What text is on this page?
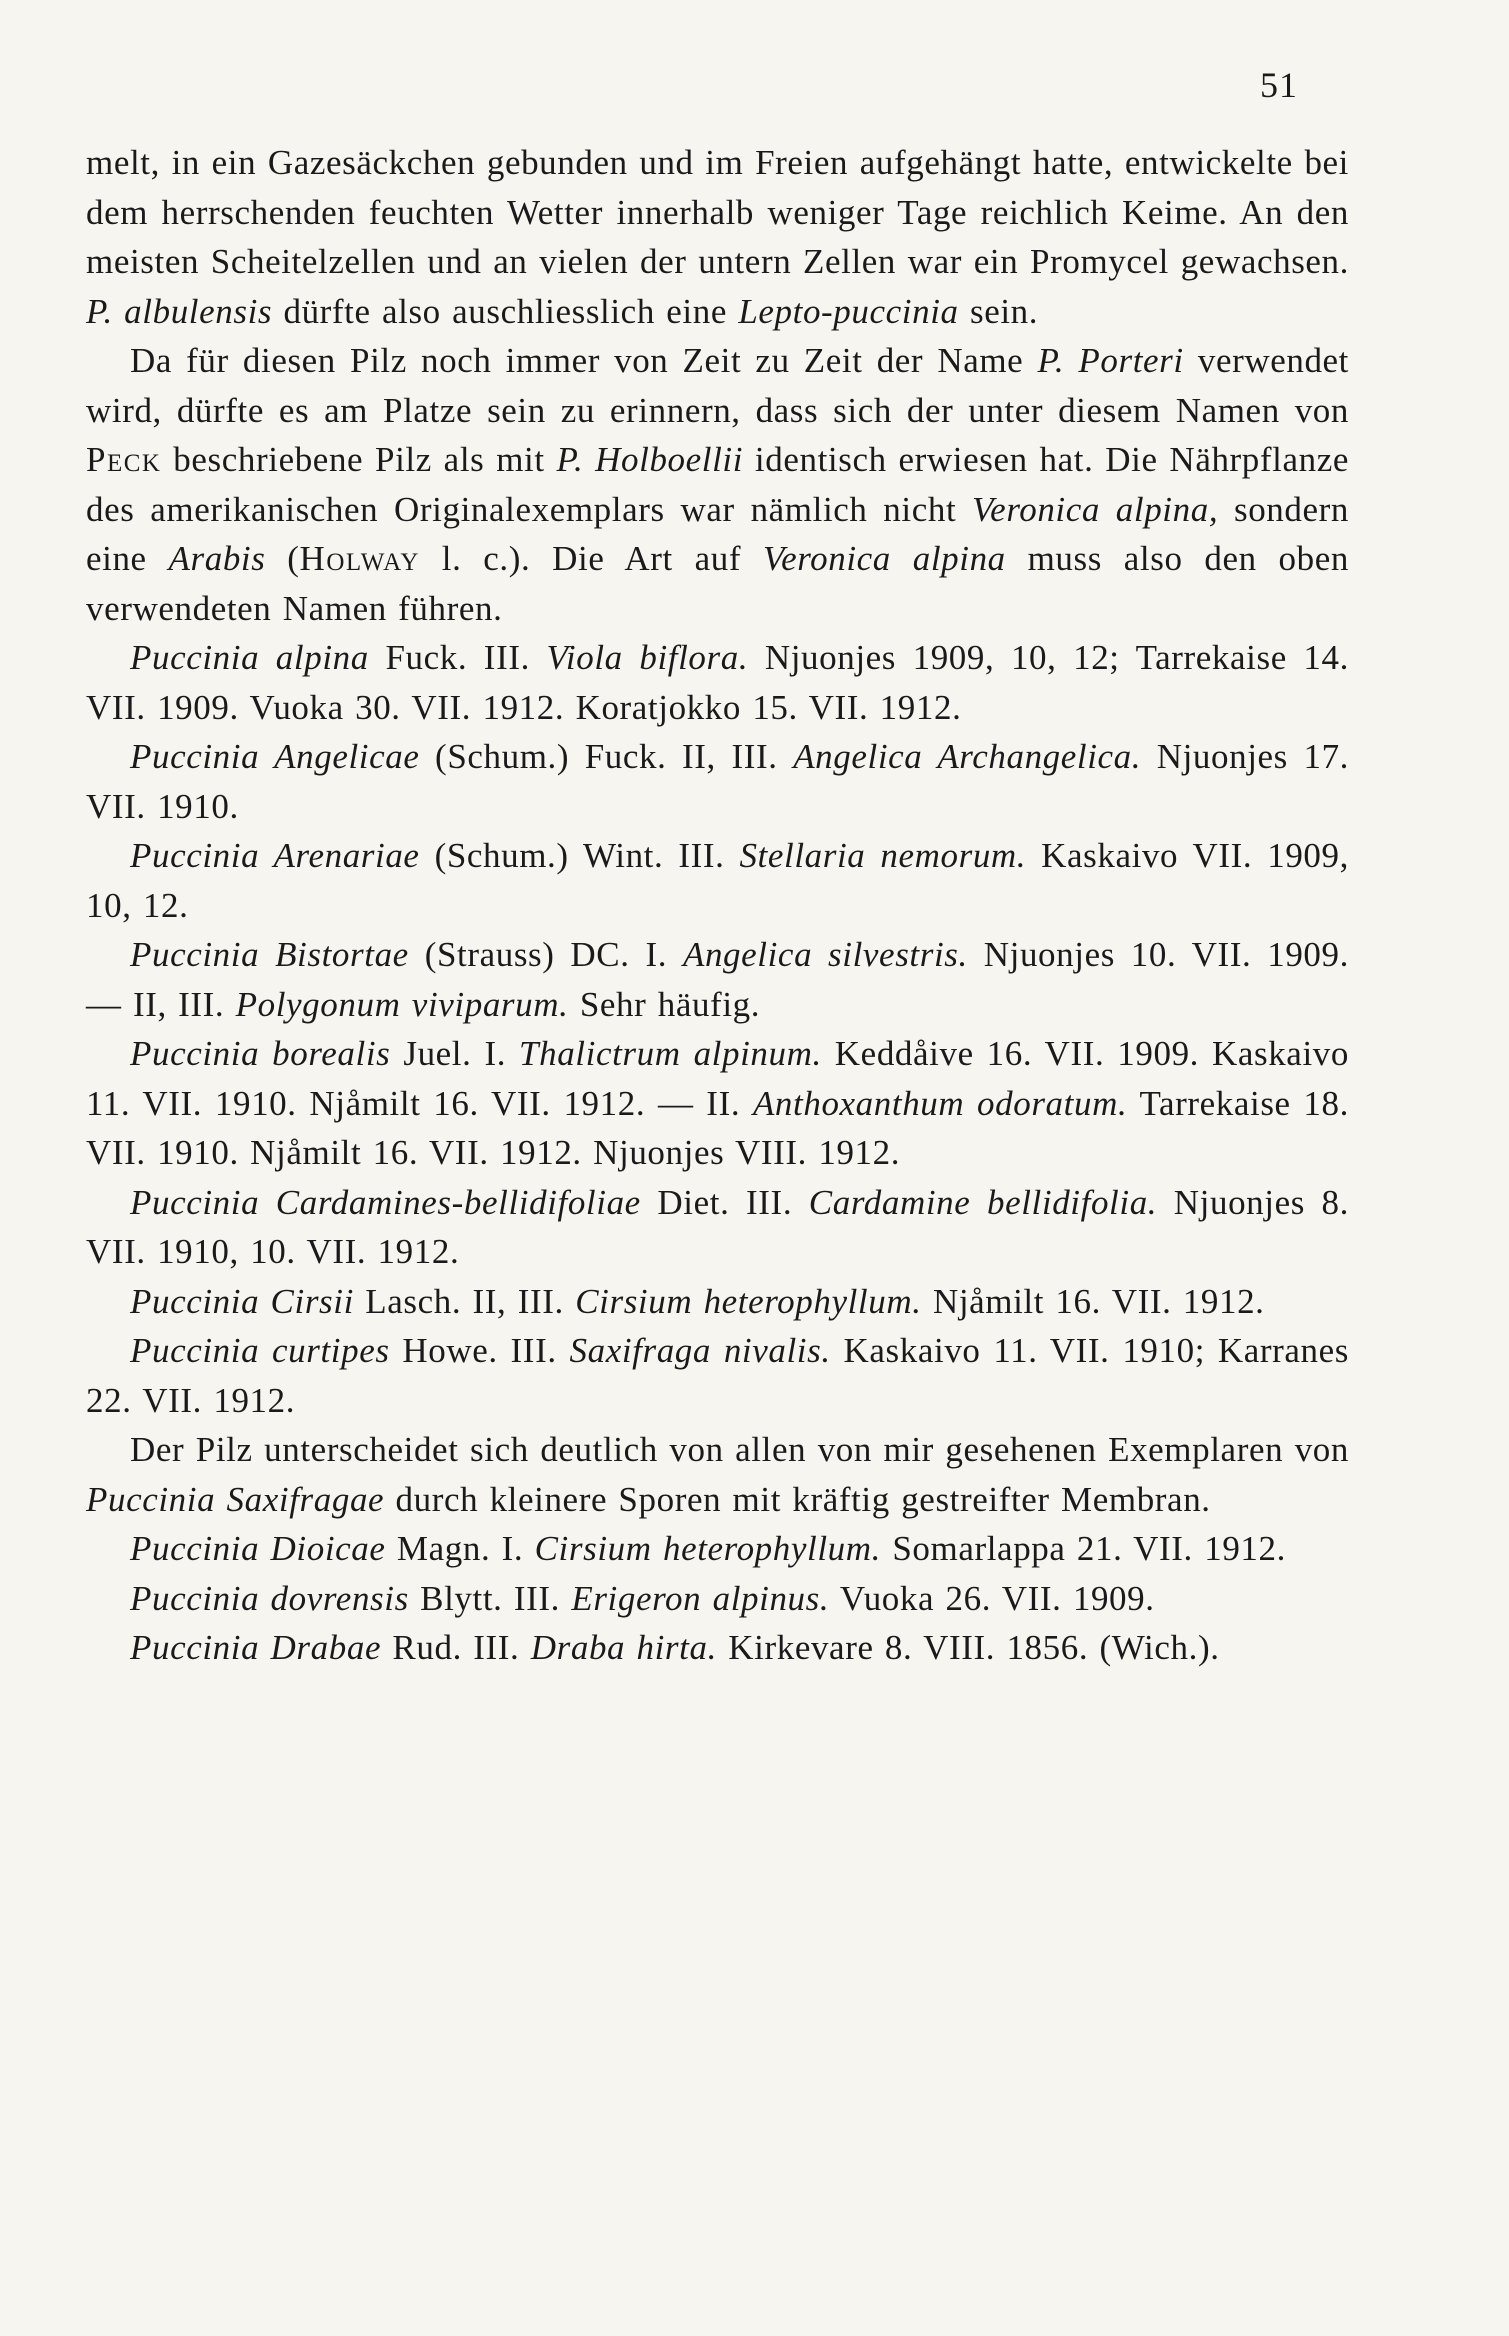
51

melt, in ein Gazesäckchen gebunden und im Freien aufgehängt hatte, entwickelte bei dem herrschenden feuchten Wetter innerhalb weniger Tage reichlich Keime. An den meisten Scheitelzellen und an vielen der untern Zellen war ein Promycel gewachsen. P. albulensis dürfte also auschliesslich eine Lepto-puccinia sein.

Da für diesen Pilz noch immer von Zeit zu Zeit der Name P. Porteri verwendet wird, dürfte es am Platze sein zu erinnern, dass sich der unter diesem Namen von Peck beschriebene Pilz als mit P. Holboellii identisch erwiesen hat. Die Nährpflanze des amerikanischen Originalexemplars war nämlich nicht Veronica alpina, sondern eine Arabis (Holway l. c.). Die Art auf Veronica alpina muss also den oben verwendeten Namen führen.

Puccinia alpina Fuck. III. Viola biflora. Njuonjes 1909, 10, 12; Tarrekaise 14. VII. 1909. Vuoka 30. VII. 1912. Koratjokko 15. VII. 1912.

Puccinia Angelicae (Schum.) Fuck. II, III. Angelica Archangelica. Njuonjes 17. VII. 1910.

Puccinia Arenariae (Schum.) Wint. III. Stellaria nemorum. Kaskaivo VII. 1909, 10, 12.

Puccinia Bistortae (Strauss) DC. I. Angelica silvestris. Njuonjes 10. VII. 1909. — II, III. Polygonum viviparum. Sehr häufig.

Puccinia borealis Juel. I. Thalictrum alpinum. Keddåive 16. VII. 1909. Kaskaivo 11. VII. 1910. Njåmilt 16. VII. 1912. — II. Anthoxanthum odoratum. Tarrekaise 18. VII. 1910. Njåmilt 16. VII. 1912. Njuonjes VIII. 1912.

Puccinia Cardamines-bellidifoliae Diet. III. Cardamine bellidifolia. Njuonjes 8. VII. 1910, 10. VII. 1912.

Puccinia Cirsii Lasch. II, III. Cirsium heterophyllum. Njåmilt 16. VII. 1912.

Puccinia curtipes Howe. III. Saxifraga nivalis. Kaskaivo 11. VII. 1910; Karranes 22. VII. 1912.

Der Pilz unterscheidet sich deutlich von allen von mir gesehenen Exemplaren von Puccinia Saxifragae durch kleinere Sporen mit kräftig gestreifter Membran.

Puccinia Dioicae Magn. I. Cirsium heterophyllum. Somarlappa 21. VII. 1912.

Puccinia dovrensis Blytt. III. Erigeron alpinus. Vuoka 26. VII. 1909.

Puccinia Drabae Rud. III. Draba hirta. Kirkevare 8. VIII. 1856. (Wich.).
